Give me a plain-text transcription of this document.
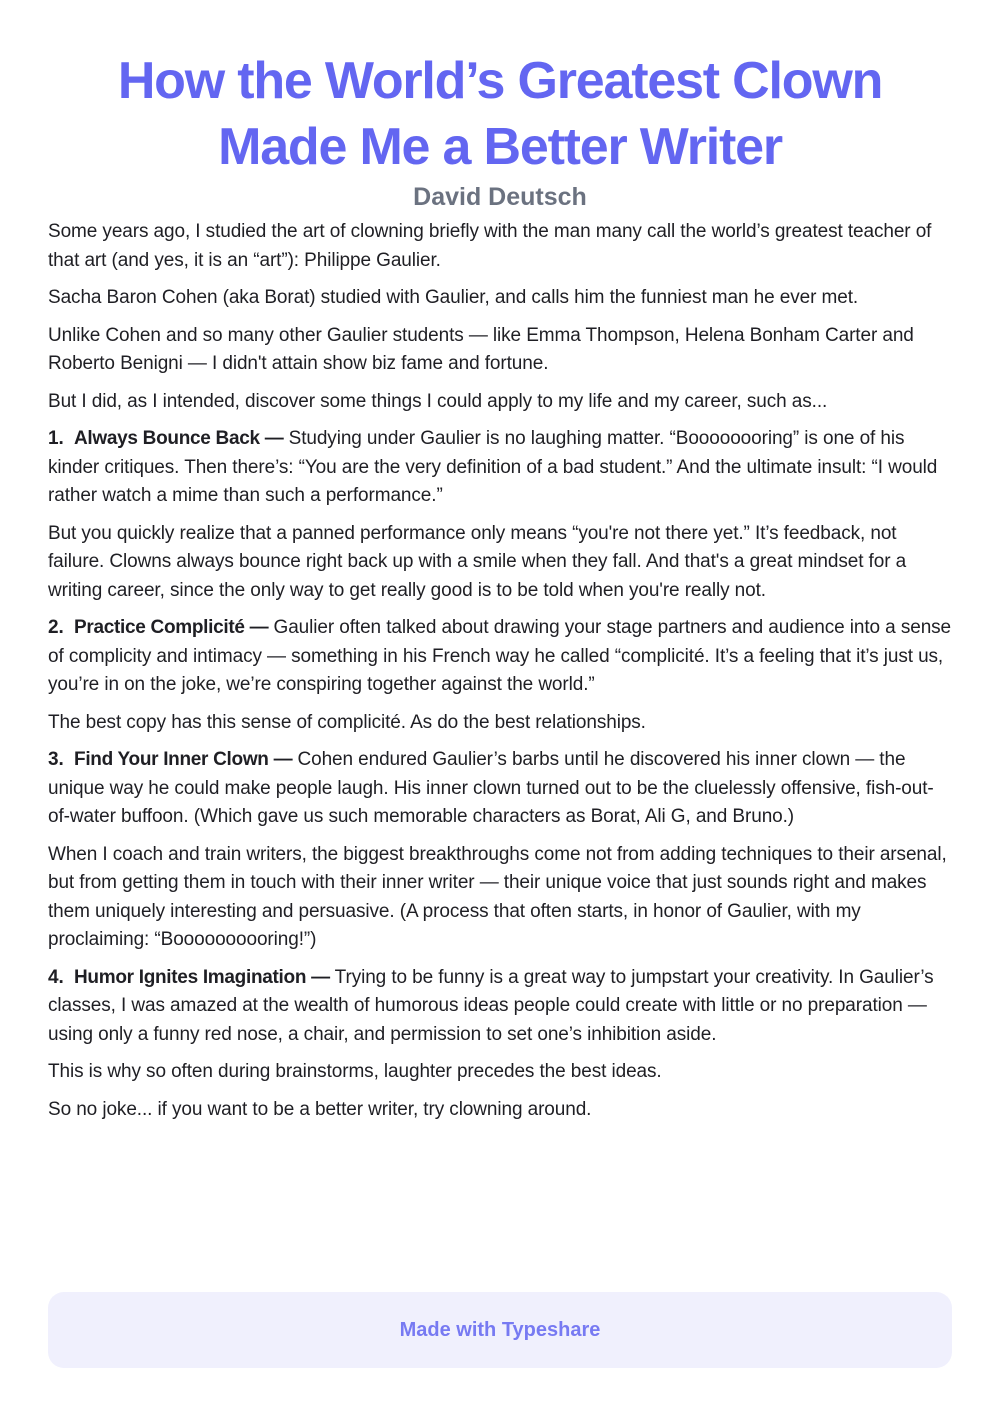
How the World’s Greatest Clown
Made Me a Better Writer
David Deutsch

Some years ago, I studied the art of clowning briefly with the man many call the world’s greatest teacher of that art (and yes, it is an “art”): Philippe Gaulier.

Sacha Baron Cohen (aka Borat) studied with Gaulier, and calls him the funniest man he ever met.

Unlike Cohen and so many other Gaulier students — like Emma Thompson, Helena Bonham Carter and Roberto Benigni — I didn't attain show biz fame and fortune.

But I did, as I intended, discover some things I could apply to my life and my career, such as...

1. Always Bounce Back — Studying under Gaulier is no laughing matter. “Boooooooring” is one of his kinder critiques. Then there’s: “You are the very definition of a bad student.” And the ultimate insult: “I would rather watch a mime than such a performance.”

But you quickly realize that a panned performance only means “you're not there yet.” It’s feedback, not failure. Clowns always bounce right back up with a smile when they fall. And that's a great mindset for a writing career, since the only way to get really good is to be told when you're really not.

2. Practice Complicité — Gaulier often talked about drawing your stage partners and audience into a sense of complicity and intimacy — something in his French way he called “complicité. It’s a feeling that it’s just us, you’re in on the joke, we’re conspiring together against the world.”

The best copy has this sense of complicité. As do the best relationships.

3. Find Your Inner Clown — Cohen endured Gaulier’s barbs until he discovered his inner clown — the unique way he could make people laugh. His inner clown turned out to be the cluelessly offensive, fish-out-of-water buffoon. (Which gave us such memorable characters as Borat, Ali G, and Bruno.)

When I coach and train writers, the biggest breakthroughs come not from adding techniques to their arsenal, but from getting them in touch with their inner writer — their unique voice that just sounds right and makes them uniquely interesting and persuasive. (A process that often starts, in honor of Gaulier, with my proclaiming: “Boooooooooring!”)

4. Humor Ignites Imagination — Trying to be funny is a great way to jumpstart your creativity. In Gaulier’s classes, I was amazed at the wealth of humorous ideas people could create with little or no preparation — using only a funny red nose, a chair, and permission to set one’s inhibition aside.

This is why so often during brainstorms, laughter precedes the best ideas.

So no joke... if you want to be a better writer, try clowning around.

Made with Typeshare
